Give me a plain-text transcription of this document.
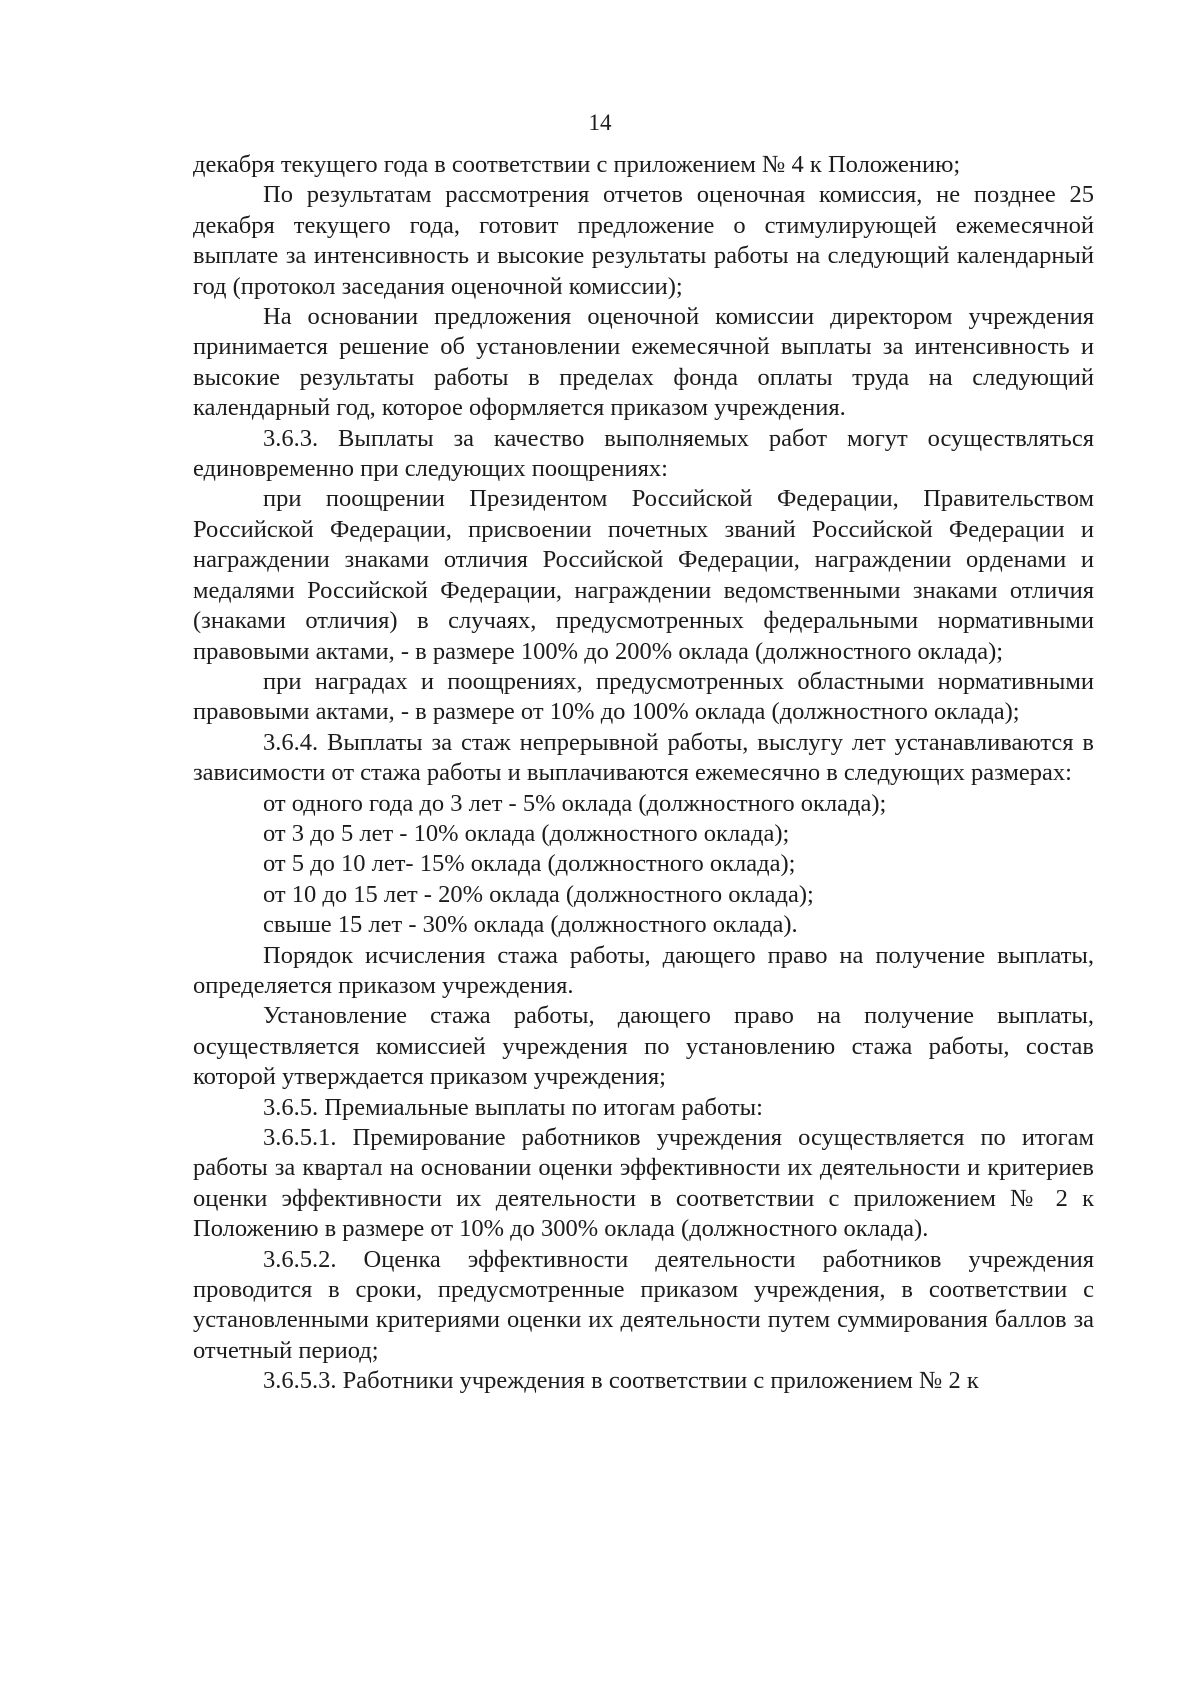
14

декабря текущего года в соответствии с приложением № 4 к Положению;

По результатам рассмотрения отчетов оценочная комиссия, не позднее 25 декабря текущего года, готовит предложение о стимулирующей ежемесячной выплате за интенсивность и высокие результаты работы на следующий календарный год (протокол заседания оценочной комиссии);

На основании предложения оценочной комиссии директором учреждения принимается решение об установлении ежемесячной выплаты за интенсивность и высокие результаты работы в пределах фонда оплаты труда на следующий календарный год, которое оформляется приказом учреждения.

3.6.3. Выплаты за качество выполняемых работ могут осуществляться единовременно при следующих поощрениях:

при поощрении Президентом Российской Федерации, Правительством Российской Федерации, присвоении почетных званий Российской Федерации и награждении знаками отличия Российской Федерации, награждении орденами и медалями Российской Федерации, награждении ведомственными знаками отличия (знаками отличия) в случаях, предусмотренных федеральными нормативными правовыми актами, - в размере 100% до 200% оклада (должностного оклада);

при наградах и поощрениях, предусмотренных областными нормативными правовыми актами, - в размере от 10% до 100% оклада (должностного оклада);

3.6.4. Выплаты за стаж непрерывной работы, выслугу лет устанавливаются в зависимости от стажа работы и выплачиваются ежемесячно в следующих размерах:

от одного года до 3 лет - 5% оклада (должностного оклада);

от 3 до 5 лет - 10% оклада (должностного оклада);

от 5 до 10 лет- 15% оклада (должностного оклада);

от 10 до 15 лет - 20% оклада (должностного оклада);

свыше 15 лет - 30% оклада (должностного оклада).

Порядок исчисления стажа работы, дающего право на получение выплаты, определяется приказом учреждения.

Установление стажа работы, дающего право на получение выплаты, осуществляется комиссией учреждения по установлению стажа работы, состав которой утверждается приказом учреждения;

3.6.5. Премиальные выплаты по итогам работы:

3.6.5.1. Премирование работников учреждения осуществляется по итогам работы за квартал на основании оценки эффективности их деятельности и критериев оценки эффективности их деятельности в соответствии с приложением № 2 к Положению в размере от 10% до 300% оклада (должностного оклада).

3.6.5.2. Оценка эффективности деятельности работников учреждения проводится в сроки, предусмотренные приказом учреждения, в соответствии с установленными критериями оценки их деятельности путем суммирования баллов за отчетный период;

3.6.5.3. Работники учреждения в соответствии с приложением № 2 к
